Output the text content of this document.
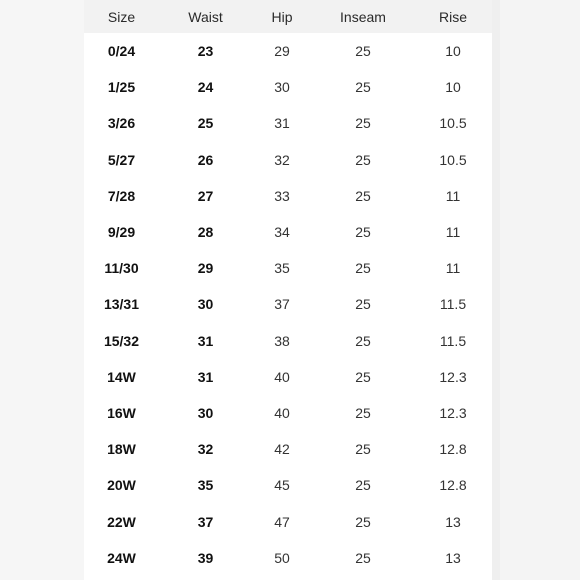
Size	Waist	Hip	Inseam	Rise
0/24	23	29	25	10
1/25	24	30	25	10
3/26	25	31	25	10.5
5/27	26	32	25	10.5
7/28	27	33	25	11
9/29	28	34	25	11
11/30	29	35	25	11
13/31	30	37	25	11.5
15/32	31	38	25	11.5
14W	31	40	25	12.3
16W	30	40	25	12.3
18W	32	42	25	12.8
20W	35	45	25	12.8
22W	37	47	25	13
24W	39	50	25	13
